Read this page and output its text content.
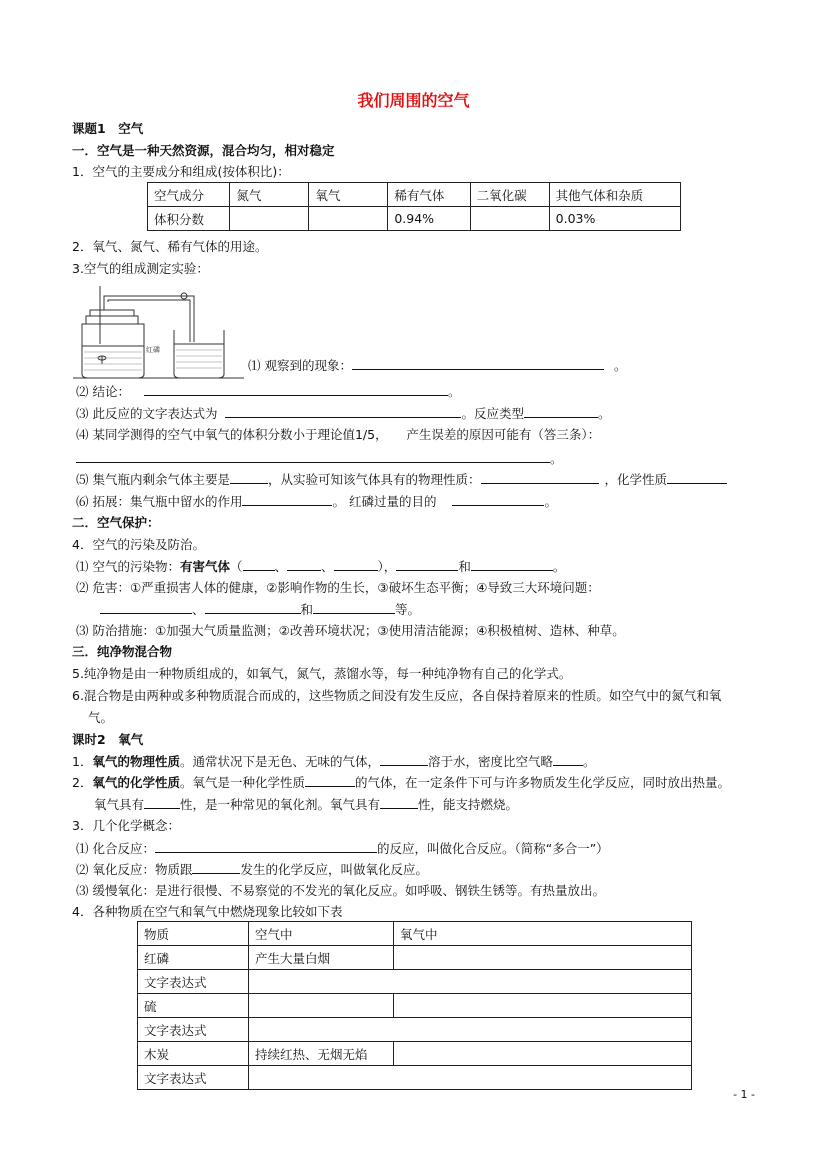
我们周围的空气
课题1　空气
一．空气是一种天然资源，混合均匀，相对稳定
1．空气的主要成分和组成(按体积比)：
空气成分	氮气	氧气	稀有气体	二氧化碳	其他气体和杂质
体积分数			0.94%		0.03%
2．氧气、氮气、稀有气体的用途。
3.空气的组成测定实验：
红磷
⑴ 观察到的现象：	。
⑵ 结论：	。
⑶ 此反应的文字表达式为	。反应类型	。
⑷ 某同学测得的空气中氧气的体积分数小于理论值1/5，　　产生误差的原因可能有（答三条）：
。
⑸ 集气瓶内剩余气体主要是	，从实验可知该气体具有的物理性质：	，化学性质
⑹ 拓展：集气瓶中留水的作用	。 红磷过量的目的	。
二．空气保护：
4．空气的污染及防治。
⑴ 空气的污染物：有害气体（	、	、	），	和	。
⑵ 危害：①严重损害人体的健康，②影响作物的生长，③破坏生态平衡；④导致三大环境问题：
、	和	等。
⑶ 防治措施：①加强大气质量监测；②改善环境状况；③使用清洁能源；④积极植树、造林、种草。
三．纯净物混合物
5.纯净物是由一种物质组成的，如氧气，氮气，蒸馏水等，每一种纯净物有自己的化学式。
6.混合物是由两种或多种物质混合而成的，这些物质之间没有发生反应，各自保持着原来的性质。如空气中的氮气和氧
气。
课时2　氧气
1．氧气的物理性质。通常状况下是无色、无味的气体，	溶于水，密度比空气略 。
2．氧气的化学性质。氧气是一种化学性质	的气体，在一定条件下可与许多物质发生化学反应，同时放出热量。
氧气具有	性，是一种常见的氧化剂。氧气具有	性，能支持燃烧。
3．几个化学概念：
⑴ 化合反应：	的反应，叫做化合反应。（简称“多合一”）
⑵ 氧化反应：物质跟	发生的化学反应，叫做氧化反应。
⑶ 缓慢氧化：是进行很慢、不易察觉的不发光的氧化反应。如呼吸、钢铁生锈等。有热量放出。
4．各种物质在空气和氧气中燃烧现象比较如下表
物质	空气中	氧气中
红磷	产生大量白烟	
文字表达式		
硫		
文字表达式		
木炭	持续红热、无烟无焰	
文字表达式		
- 1 -
